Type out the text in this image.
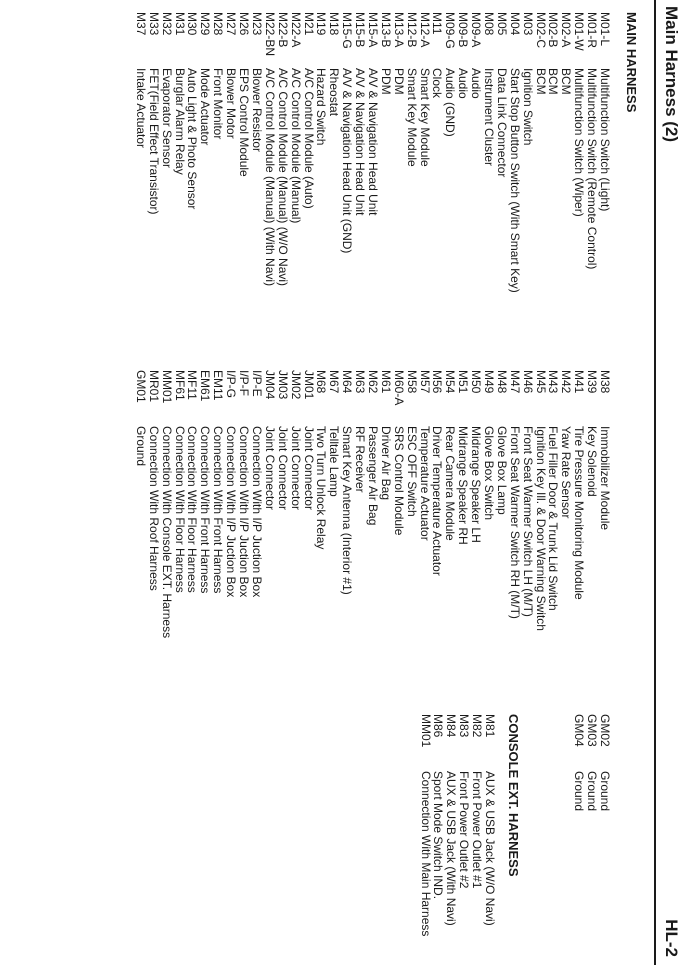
Main Harness (2)
HL-2
MAIN HARNESS
CONSOLE EXT. HARNESS
M01-LMultifunction Switch (Light)
M01-RMultifunction Switch (Remote Control)
M01-WMultifunction Switch (Wiper)
M02-ABCM
M02-BBCM
M02-CBCM
M03Ignition Switch
M04Start Stop Button Switch (With Smart Key)
M05Data Link Connector
M08Instrument Cluster
M09-AAudio
M09-BAudio
M09-GAudio (GND)
M11Clock
M12-ASmart Key Module
M12-BSmart Key Module
M13-APDM
M13-BPDM
M15-AA/V & Navigation Head Unit
M15-BA/V & Navigation Head Unit
M15-GA/V & Navigation Head Unit (GND)
M18Rheostat
M19Hazard Switch
M21A/C Control Module (Auto)
M22-AA/C Control Module (Manual)
M22-BA/C Control Module (Manual) (W/O Navi)
M22-BNA/C Control Module (Manual) (With Navi)
M23Blower Resistor
M26EPS Control Module
M27Blower Motor
M28Front Monitor
M29Mode Actuator
M30Auto Light & Photo Sensor
M31Burglar Alarm Relay
M32Evaporator Sensor
M33FET(Field Effect Transistor)
M37Intake Actuator
M38Immobilizer Module
M39Key Solenoid
M41Tire Pressure Monitoring Module
M42Yaw Rate Sensor
M43Fuel Filler Door & Trunk Lid Switch
M45Ignition Key Ill. & Door Warning Switch
M46Front Seat Warmer Switch LH (M/T)
M47Front Seat Warmer Switch RH (M/T)
M48Glove Box Lamp
M49Glove Box Switch
M50Midrange Speaker LH
M51Midrange Speaker RH
M54Rear Camera Module
M56Driver Temperature Actuator
M57Temperature Actuator
M58ESC OFF Switch
M60-ASRS Control Module
M61Driver Air Bag
M62Passenger Air Bag
M63RF Receiver
M64Smart Key Antenna (Interior #1)
M67Telltale Lamp
M68Two Turn Unlock Relay
JM01Joint Connector
JM02Joint Connector
JM03Joint Connector
JM04Joint Connector
I/P-EConnection With I/P Juction Box
I/P-FConnection With I/P Juction Box
I/P-GConnection With I/P Juction Box
EM11Connection With Front Harness
EM61Connection With Front Harness
MF11Connection With Floor Harness
MF61Connection With Floor Harness
MM01Connection With Console EXT. Harness
MR01Connection With Roof Harness
GM01Ground
GM02Ground
GM03Ground
GM04Ground
M81AUX & USB Jack (W/O Navi)
M82Front Power Outlet #1
M83Front Power Outlet #2
M84AUX & USB Jack (With Navi)
M86Sport Mode Switch IND.
MM01Connection With Main Harness
